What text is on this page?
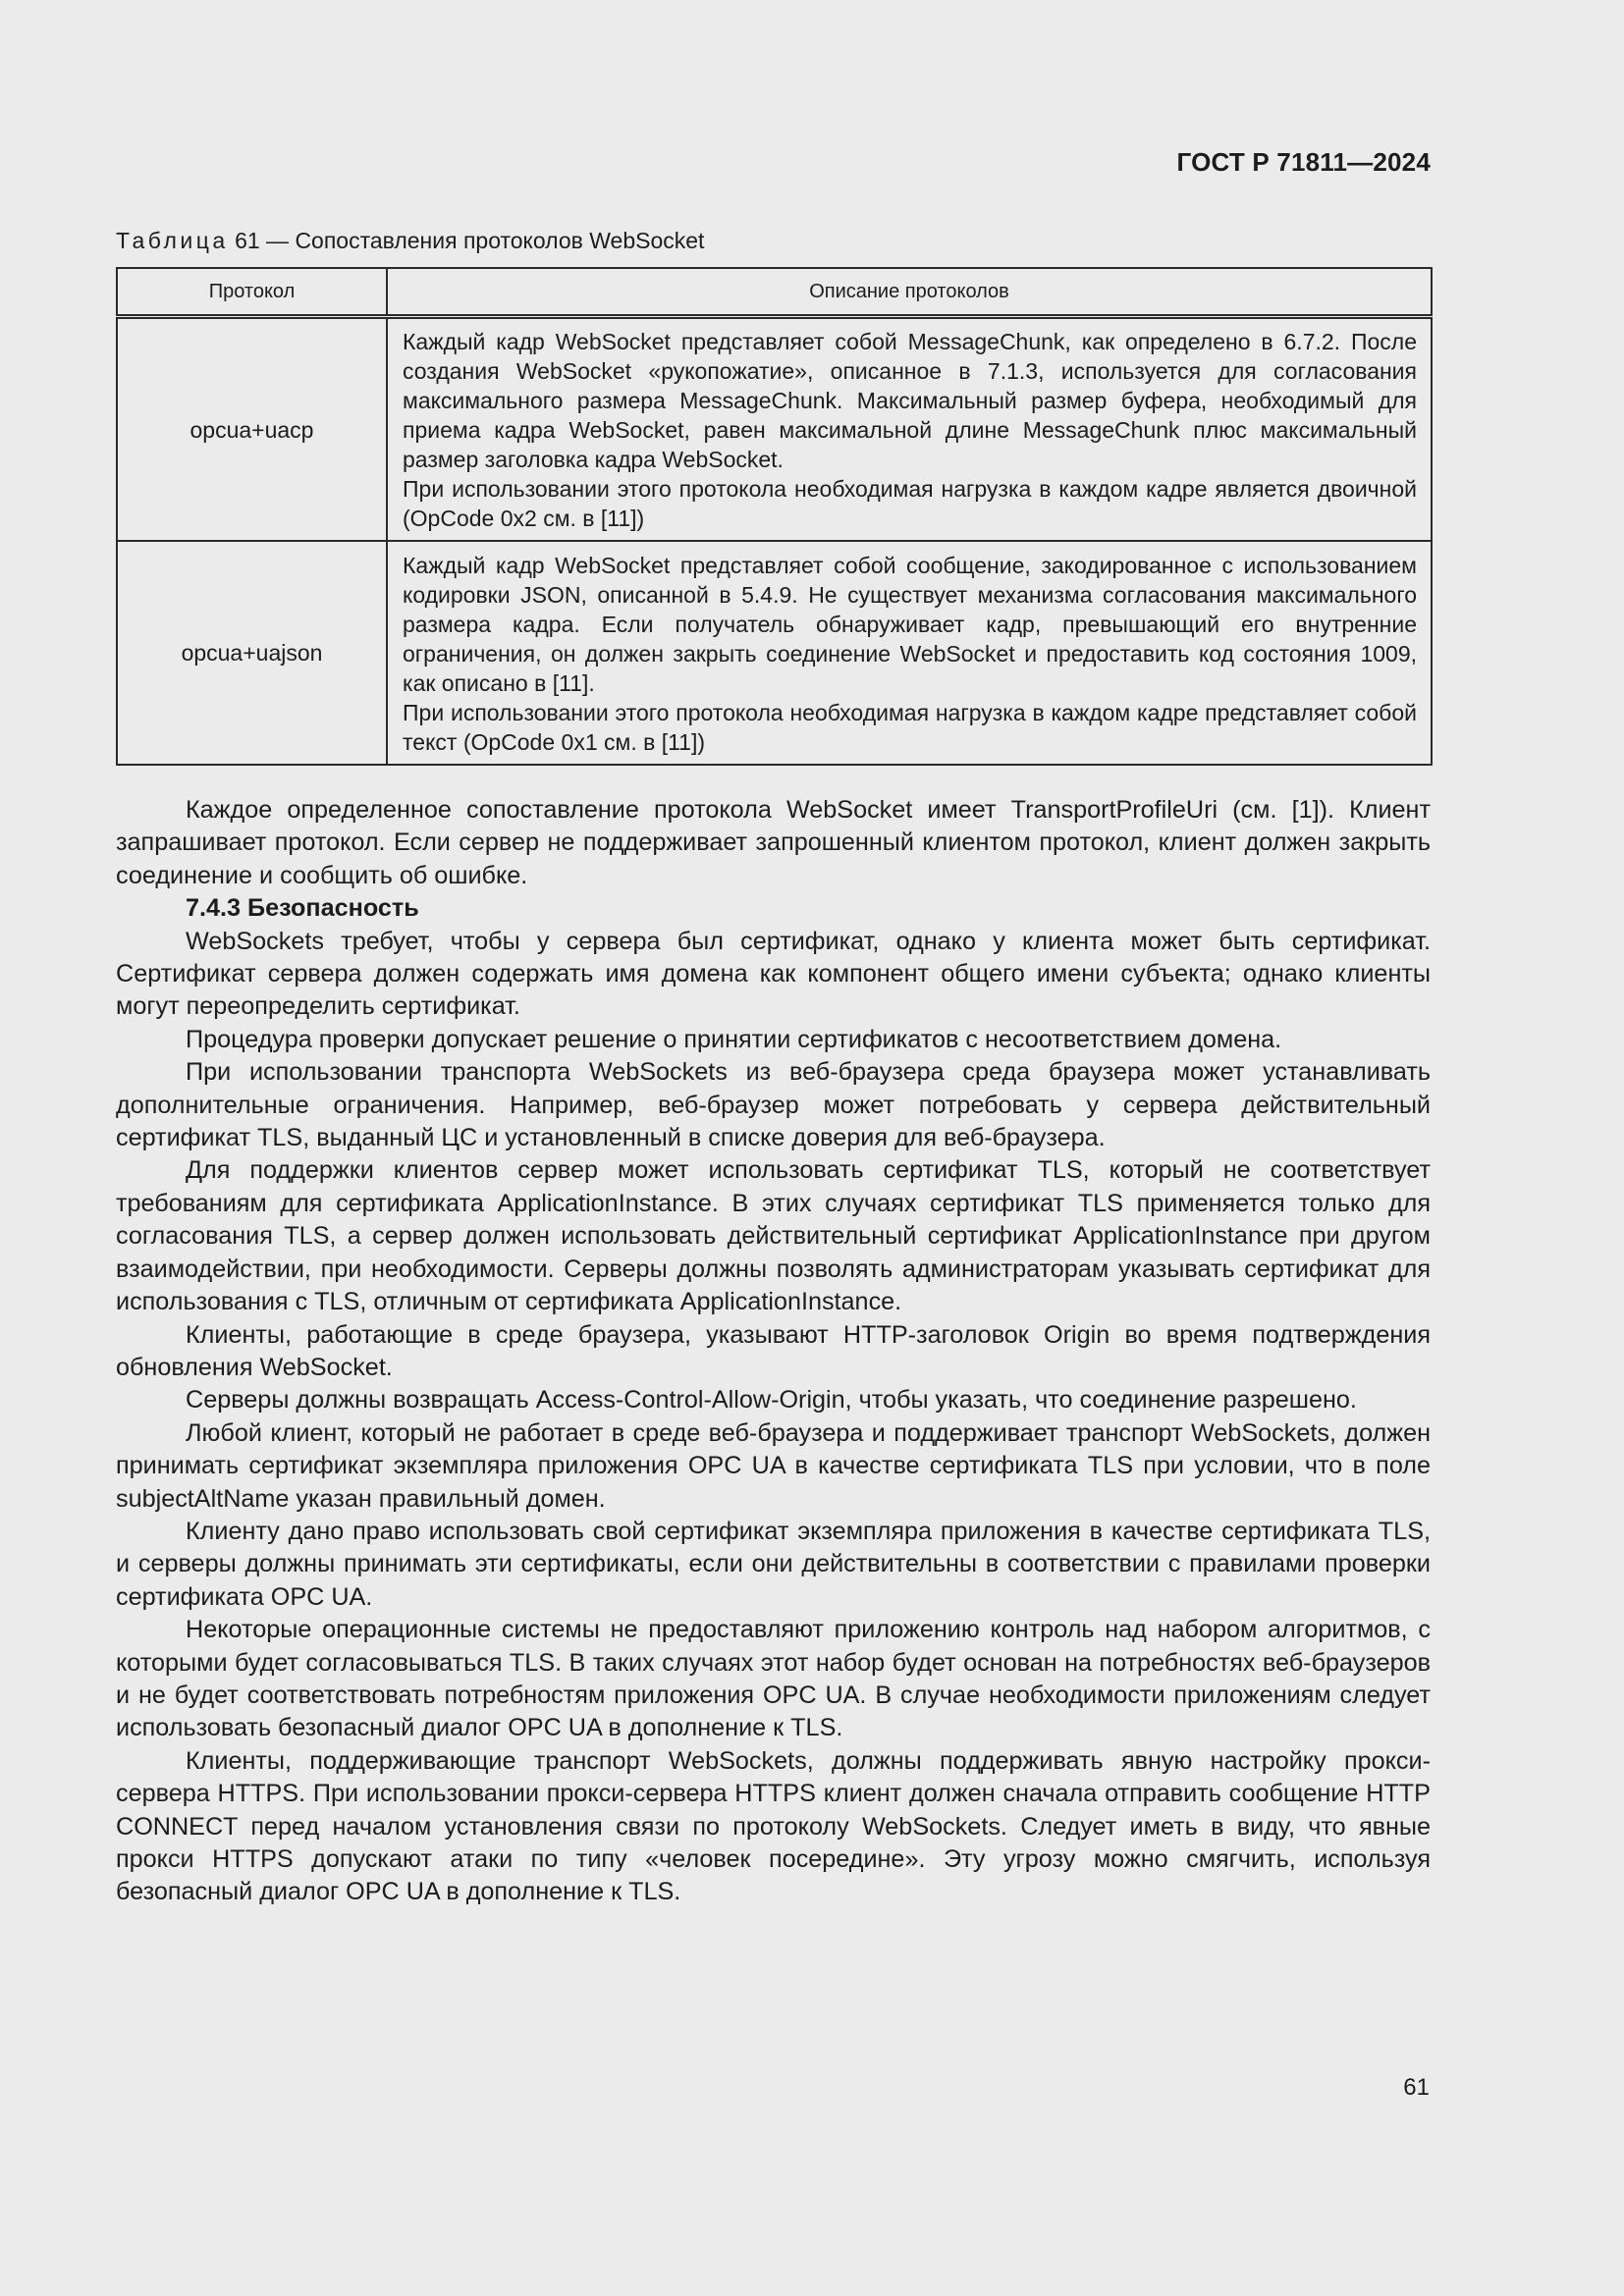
ГОСТ Р 71811—2024
Таблица 61 — Сопоставления протоколов WebSocket
Протокол	Описание протоколов
opcua+uacp	Каждый кадр WebSocket представляет собой MessageChunk, как определено в 6.7.2. После создания WebSocket «рукопожатие», описанное в 7.1.3, используется для согласования максимального размера MessageChunk. Максимальный размер буфера, необходимый для приема кадра WebSocket, равен максимальной длине MessageChunk плюс максимальный размер заголовка кадра WebSocket.

При использовании этого протокола необходимая нагрузка в каждом кадре является двоичной (OpCode 0x2 см. в [11])

opcua+uajson	Каждый кадр WebSocket представляет собой сообщение, закодированное с использованием кодировки JSON, описанной в 5.4.9. Не существует механизма согласования максимального размера кадра. Если получатель обнаруживает кадр, превышающий его внутренние ограничения, он должен закрыть соединение WebSocket и предоставить код состояния 1009, как описано в [11].

При использовании этого протокола необходимая нагрузка в каждом кадре представляет собой текст (OpCode 0x1 см. в [11])

Каждое определенное сопоставление протокола WebSocket имеет TransportProfileUri (см. [1]). Клиент запрашивает протокол. Если сервер не поддерживает запрошенный клиентом протокол, клиент должен закрыть соединение и сообщить об ошибке.

7.4.3 Безопасность

WebSockets требует, чтобы у сервера был сертификат, однако у клиента может быть сертификат. Сертификат сервера должен содержать имя домена как компонент общего имени субъекта; однако клиенты могут переопределить сертификат.

Процедура проверки допускает решение о принятии сертификатов с несоответствием домена.

При использовании транспорта WebSockets из веб-браузера среда браузера может устанавливать дополнительные ограничения. Например, веб-браузер может потребовать у сервера действительный сертификат TLS, выданный ЦС и установленный в списке доверия для веб-браузера.

Для поддержки клиентов сервер может использовать сертификат TLS, который не соответствует требованиям для сертификата ApplicationInstance. В этих случаях сертификат TLS применяется только для согласования TLS, а сервер должен использовать действительный сертификат ApplicationInstance при другом взаимодействии, при необходимости. Серверы должны позволять администраторам указывать сертификат для использования с TLS, отличным от сертификата ApplicationInstance.

Клиенты, работающие в среде браузера, указывают HTTP-заголовок Origin во время подтверждения обновления WebSocket.

Серверы должны возвращать Access-Control-Allow-Origin, чтобы указать, что соединение разрешено.

Любой клиент, который не работает в среде веб-браузера и поддерживает транспорт WebSockets, должен принимать сертификат экземпляра приложения OPC UA в качестве сертификата TLS при условии, что в поле subjectAltName указан правильный домен.

Клиенту дано право использовать свой сертификат экземпляра приложения в качестве сертификата TLS, и серверы должны принимать эти сертификаты, если они действительны в соответствии с правилами проверки сертификата OPC UA.

Некоторые операционные системы не предоставляют приложению контроль над набором алгоритмов, с которыми будет согласовываться TLS. В таких случаях этот набор будет основан на потребностях веб-браузеров и не будет соответствовать потребностям приложения OPC UA. В случае необходимости приложениям следует использовать безопасный диалог OPC UA в дополнение к TLS.

Клиенты, поддерживающие транспорт WebSockets, должны поддерживать явную настройку прокси-сервера HTTPS. При использовании прокси-сервера HTTPS клиент должен сначала отправить сообщение HTTP CONNECT перед началом установления связи по протоколу WebSockets. Следует иметь в виду, что явные прокси HTTPS допускают атаки по типу «человек посередине». Эту угрозу можно смягчить, используя безопасный диалог OPC UA в дополнение к TLS.

61
